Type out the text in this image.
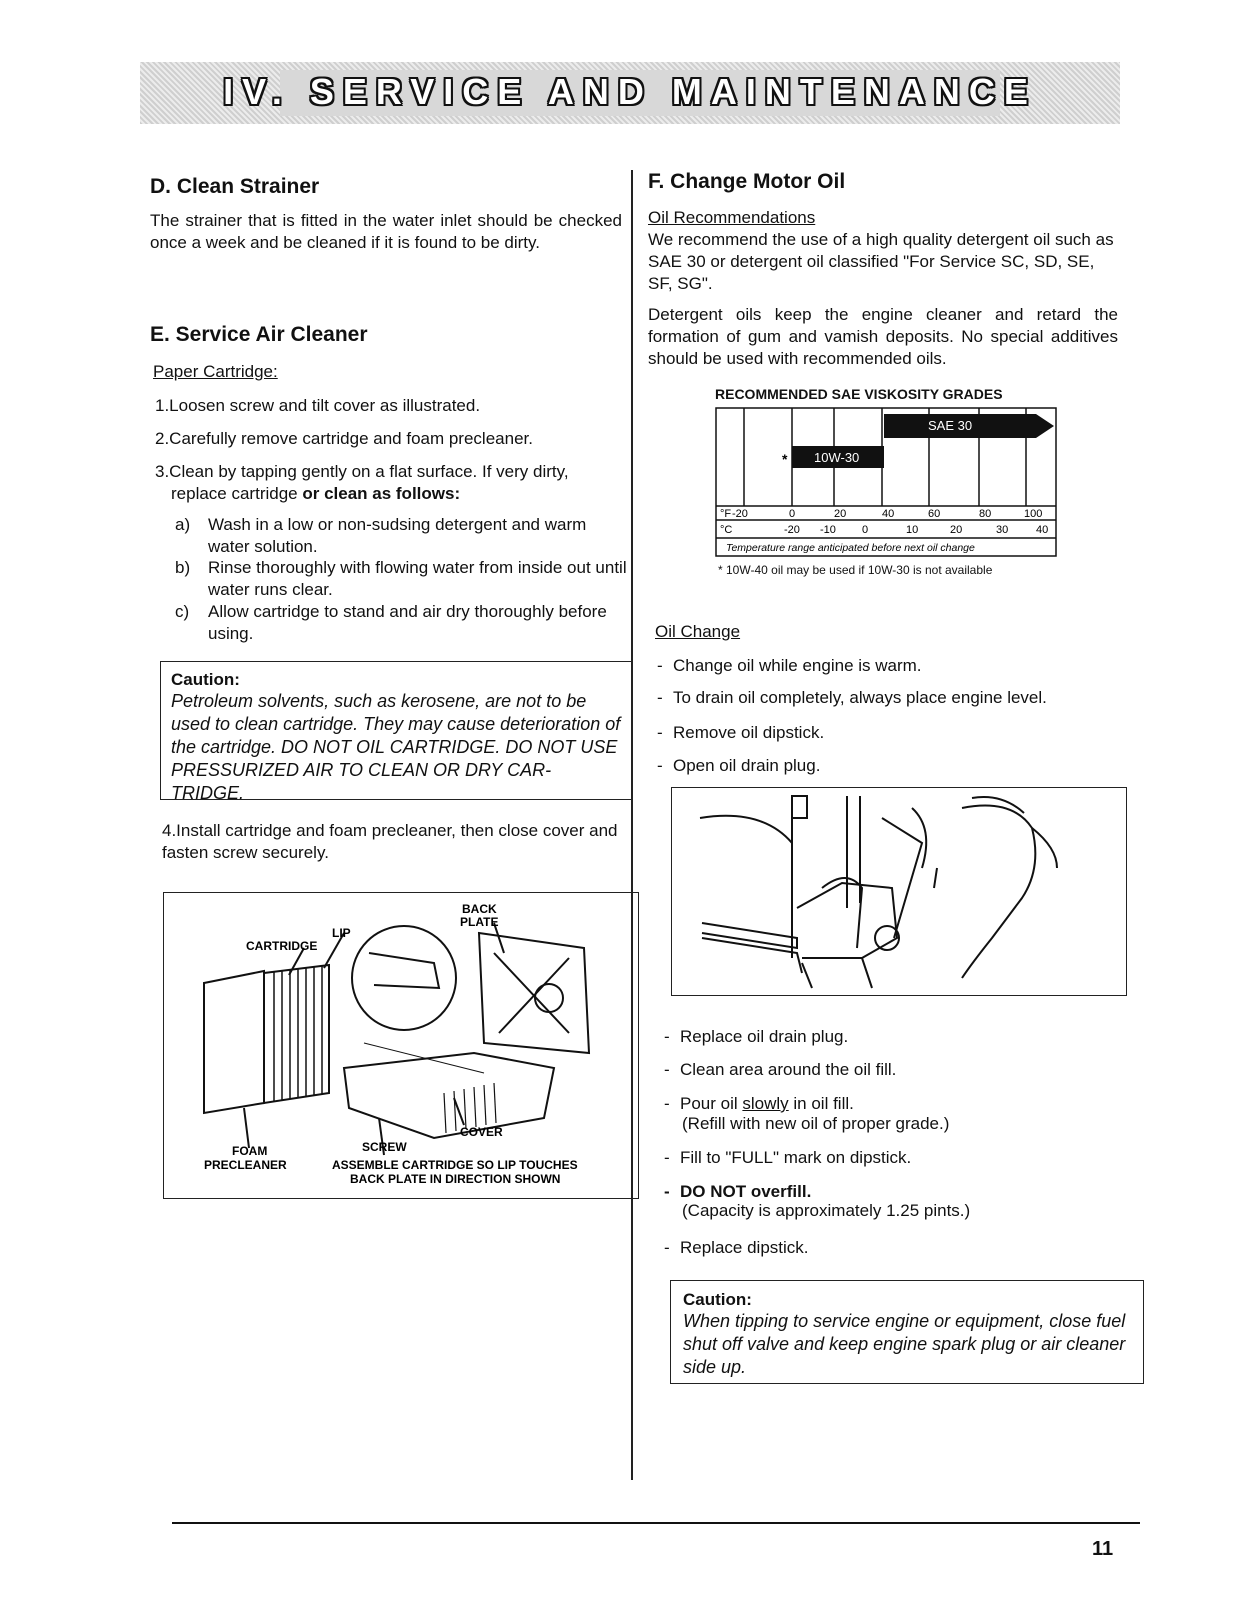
IV. SERVICE AND MAINTENANCE
D. Clean Strainer

The strainer that is fitted in the water inlet should be checked once a week and be cleaned if it is found to be dirty.

E. Service Air Cleaner
Paper Cartridge:

1.Loosen screw and tilt cover as illustrated.

2.Carefully remove cartridge and foam precleaner.

3.Clean by tapping gently on a flat surface. If very dirty,

replace cartridge or clean as follows:

a) Wash in a low or non-sudsing detergent and warm water solution.

b) Rinse thoroughly with flowing water from inside out until water runs clear.

c) Allow cartridge to stand and air dry thoroughly before using.

Caution:
Petroleum solvents, such as kerosene, are not to be used to clean cartridge. They may cause deterioration of the cartridge. DO NOT OIL CARTRIDGE. DO NOT USE PRESSURIZED AIR TO CLEAN OR DRY CAR-TRIDGE.

4.Install cartridge and foam precleaner, then close cover and fasten screw securely.

BACK
PLATE
LIP
CARTRIDGE
COVER
FOAM
PRECLEANER
SCREW
ASSEMBLE CARTRIDGE SO LIP TOUCHES
BACK PLATE IN DIRECTION SHOWN
F. Change Motor Oil
Oil Recommendations

We recommend the use of a high quality detergent oil such as SAE 30 or detergent oil classified "For Service SC, SD, SE, SF, SG".

Detergent oils keep the engine cleaner and retard the formation of gum and vamish deposits. No special additives should be used with recommended oils.

RECOMMENDED SAE VISKOSITY GRADES
SAE 30
10W-30
*
°F -20	0	20	40	60	80	100
°C	-20 -10 0	10	20	30	40
Temperature range anticipated before next oil change
* 10W-40 oil may be used if 10W-30 is not available
Oil Change
- Change oil while engine is warm.
- To drain oil completely, always place engine level.
- Remove oil dipstick.
- Open oil drain plug.
- Replace oil drain plug.
- Clean area around the oil fill.
- Pour oil slowly in oil fill.
(Refill with new oil of proper grade.)
- Fill to "FULL" mark on dipstick.
- DO NOT overfill.
(Capacity is approximately 1.25 pints.)
- Replace dipstick.
Caution:
When tipping to service engine or equipment, close fuel shut off valve and keep engine spark plug or air cleaner side up.
11
